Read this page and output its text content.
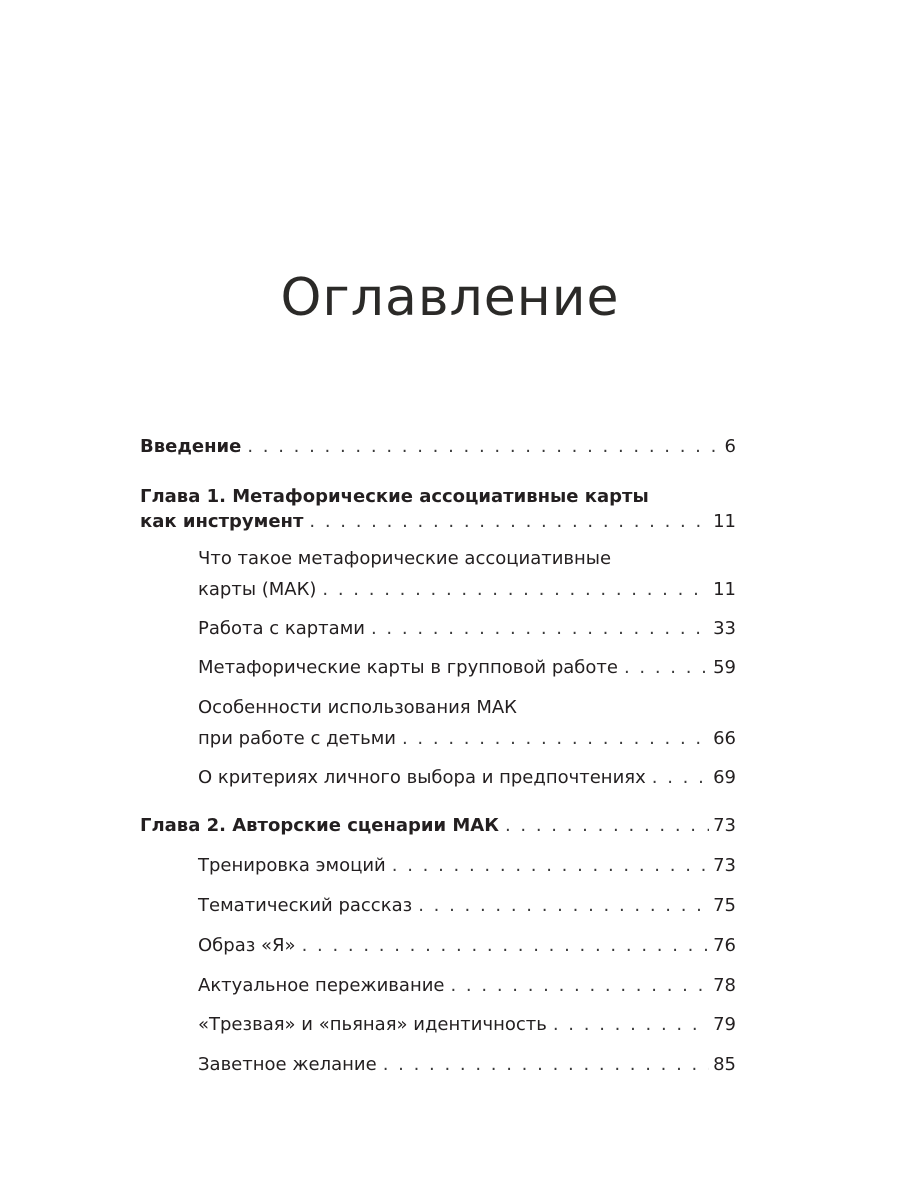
Оглавление
Введение . . .	6
Глава 1. Метафорические ассоциативные карты
как инструмент . . .	11
Что такое метафорические ассоциативные
карты (МАК) . . .	11
Работа с картами . . .	33
Метафорические карты в групповой работе . . .	59
Особенности использования МАК
при работе с детьми . . .	66
О критериях личного выбора и предпочтениях . . .	69
Глава 2. Авторские сценарии МАК . . .	73
Тренировка эмоций . . .	73
Тематический рассказ . . .	75
Образ «Я» . . .	76
Актуальное переживание . . .	78
«Трезвая» и «пьяная» идентичность . . .	79
Заветное желание . . .	85
